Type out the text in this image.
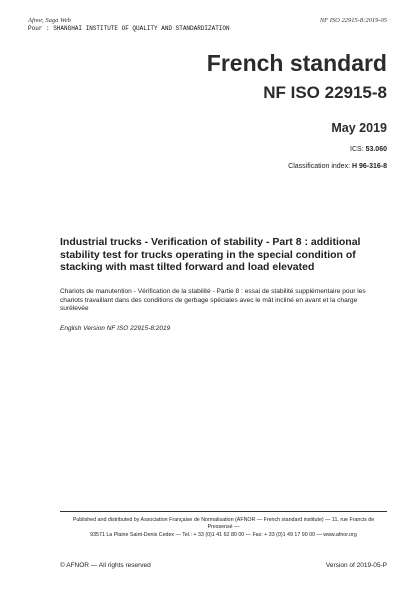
Afnor, Saga Web
Pour : SHANGHAI INSTITUTE OF QUALITY AND STANDARDIZATION
NF ISO 22915-8:2019-05
French standard
NF ISO 22915-8
May 2019
ICS: 53.060
Classification index: H 96-316-8
Industrial trucks - Verification of stability - Part 8 : additional stability test for trucks operating in the special condition of stacking with mast tilted forward and load elevated
Chariots de manutention - Vérification de la stabilité - Partie 8 : essai de stabilité supplémentaire pour les chariots travaillant dans des conditions de gerbage spéciales avec le mât incliné en avant et la charge surélevée
English Version NF ISO 22915-8:2019
Published and distributed by Association Française de Normalisation (AFNOR — French standard institute) — 11, rue Francis de Pressensé —
93571 La Plaine Saint-Denis Cedex — Tel.: + 33 (0)1 41 62 80 00 — Fax: + 33 (0)1 49 17 90 00 — www.afnor.org
© AFNOR — All rights reserved	Version of 2019-05-P
